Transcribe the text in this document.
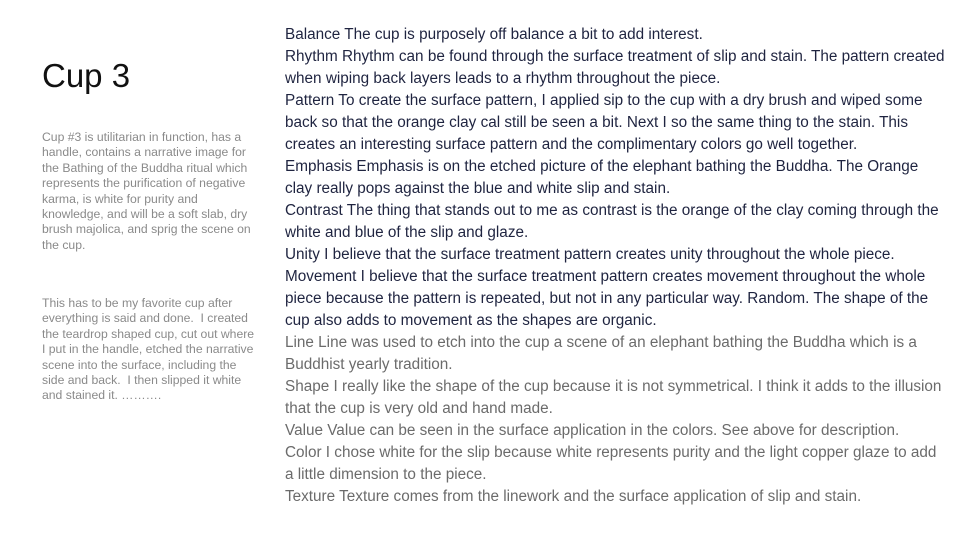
Cup 3

Cup #3 is utilitarian in function, has a handle, contains a narrative image for the Bathing of the Buddha ritual which represents the purification of negative karma, is white for purity and knowledge, and will be a soft slab, dry brush majolica, and sprig the scene on the cup.

This has to be my favorite cup after everything is said and done.  I created the teardrop shaped cup, cut out where I put in the handle, etched the narrative scene into the surface, including the side and back.  I then slipped it white and stained it. ……….

Balance The cup is purposely off balance a bit to add interest.

Rhythm Rhythm can be found through the surface treatment of slip and stain. The pattern created when wiping back layers leads to a rhythm throughout the piece.

Pattern To create the surface pattern, I applied sip to the cup with a dry brush and wiped some back so that the orange clay cal still be seen a bit. Next I so the same thing to the stain. This creates an interesting surface pattern and the complimentary colors go well together.

Emphasis Emphasis is on the etched picture of the elephant bathing the Buddha. The Orange clay really pops against the blue and white slip and stain.

Contrast The thing that stands out to me as contrast is the orange of the clay coming through the white and blue of the slip and glaze.

Unity I believe that the surface treatment pattern creates unity throughout the whole piece.

Movement I believe that the surface treatment pattern creates movement throughout the whole piece because the pattern is repeated, but not in any particular way. Random. The shape of the cup also adds to movement as the shapes are organic.

Line Line was used to etch into the cup a scene of an elephant bathing the Buddha which is a Buddhist yearly tradition.

Shape I really like the shape of the cup because it is not symmetrical. I think it adds to the illusion that the cup is very old and hand made.

Value Value can be seen in the surface application in the colors. See above for description.

Color I chose white for the slip because white represents purity and the light copper glaze to add a little dimension to the piece.

Texture Texture comes from the linework and the surface application of slip and stain.
